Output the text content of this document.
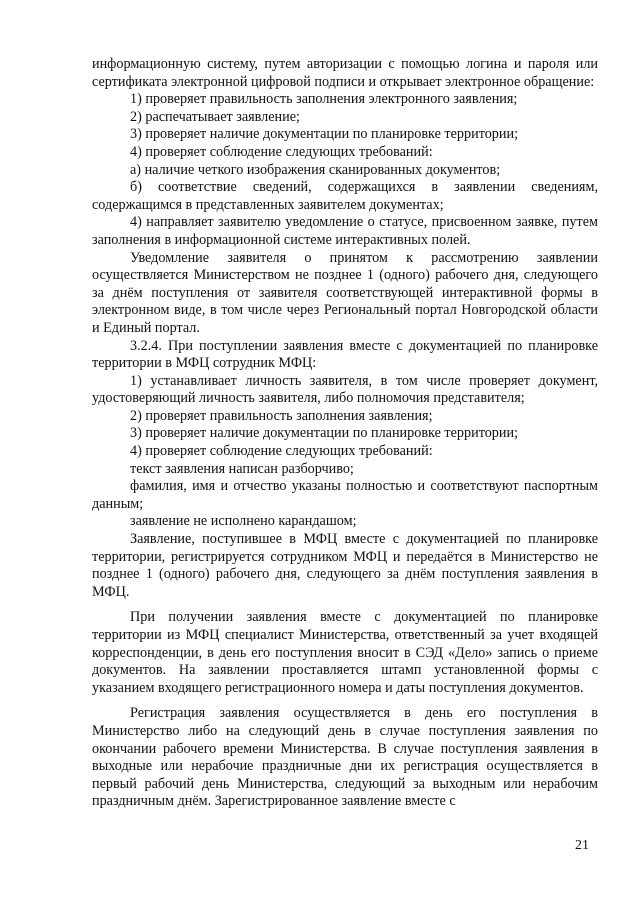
информационную систему, путем авторизации с помощью логина и пароля или сертификата электронной цифровой подписи и открывает электронное обращение:

1) проверяет правильность заполнения электронного заявления;

2) распечатывает заявление;

3) проверяет наличие документации по планировке территории;

4) проверяет соблюдение следующих требований:

а) наличие четкого изображения сканированных документов;

б) соответствие сведений, содержащихся в заявлении сведениям, содержащимся в представленных заявителем документах;

4) направляет заявителю уведомление о статусе, присвоенном заявке, путем заполнения в информационной системе интерактивных полей.

Уведомление заявителя о принятом к рассмотрению заявлении осуществляется Министерством не позднее 1 (одного) рабочего дня, следующего за днём поступления от заявителя соответствующей интерактивной формы в электронном виде, в том числе через Региональный портал Новгородской области и Единый портал.

3.2.4. При поступлении заявления вместе с документацией по планировке территории в МФЦ сотрудник МФЦ:

1) устанавливает личность заявителя, в том числе проверяет документ, удостоверяющий личность заявителя, либо полномочия представителя;

2) проверяет правильность заполнения заявления;

3) проверяет наличие документации по планировке территории;

4) проверяет соблюдение следующих требований:

текст заявления написан разборчиво;

фамилия, имя и отчество указаны полностью и соответствуют паспортным данным;

заявление не исполнено карандашом;

Заявление, поступившее в МФЦ вместе с документацией по планировке территории, регистрируется сотрудником МФЦ и передаётся в Министерство не позднее 1 (одного) рабочего дня, следующего за днём поступления заявления в МФЦ.

При получении заявления вместе с документацией по планировке территории из МФЦ специалист Министерства, ответственный за учет входящей корреспонденции, в день его поступления вносит в СЭД «Дело» запись о приеме документов. На заявлении проставляется штамп установленной формы с указанием входящего регистрационного номера и даты поступления документов.

Регистрация заявления осуществляется в день его поступления в Министерство либо на следующий день в случае поступления заявления по окончании рабочего времени Министерства. В случае поступления заявления в выходные или нерабочие праздничные дни их регистрация осуществляется в первый рабочий день Министерства, следующий за выходным или нерабочим праздничным днём. Зарегистрированное заявление вместе с

21
